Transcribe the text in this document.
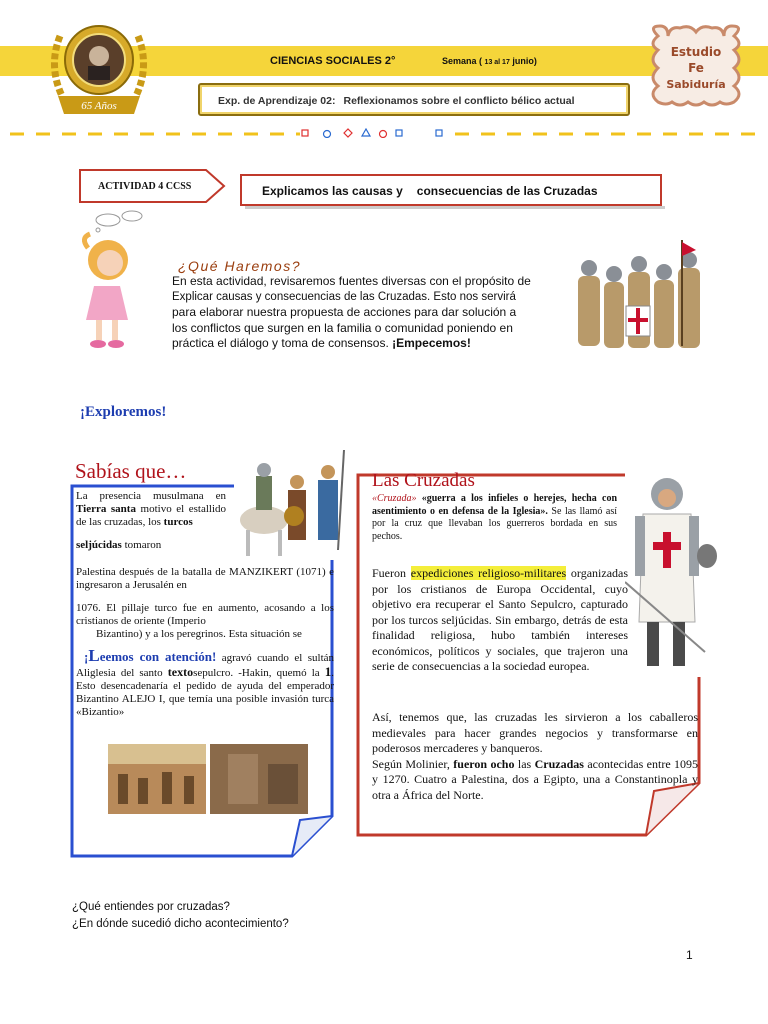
65 Años
CIENCIAS SOCIALES 2°	Semana ( 13 al 17 junio)
Exp. de Aprendizaje 02: Reflexionamos sobre el conflicto bélico actual
Estudio
Fe
Sabiduría
ACTIVIDAD 4 CCSS	Explicamos las causas y consecuencias de las Cruzadas
¿Qué Haremos?
En esta actividad, revisaremos fuentes diversas con el propósito de
Explicar causas y consecuencias de las Cruzadas. Esto nos servirá
para elaborar nuestra propuesta de acciones para dar solución a
los conflictos que surgen en la familia o comunidad poniendo en
práctica el diálogo y toma de consensos. ¡Empecemos!
¡Exploremos!
Sabías que…
La presencia musulmana en Tierra santa motivo el estallido de las cruzadas, los turcos
seljúcidas tomaron
Palestina después de la batalla de MANZIKERT (1071) e ingresaron a Jerusalén en
1076. El pillaje turco fue en aumento, acosando a los cristianos de oriente (Imperio
Bizantino) y a los peregrinos. Esta situación se
¡Leemos con atención! agravó cuando el sultán Aliglesia del santo textosepulcro. -Hakin, quemó la 1. Esto desencadenaría el pedido de ayuda del emperador Bizantino ALEJO I, que temía una posible invasión turca «Bizantio»
Las Cruzadas
«Cruzada» «guerra a los infieles o herejes, hecha con asentimiento o en defensa de la Iglesia». Se las llamó así por la cruz que llevaban los guerreros bordada en sus pechos.
Fueron expediciones religioso-militares organizadas por los cristianos de Europa Occidental, cuyo objetivo era recuperar el Santo Sepulcro, capturado por los turcos seljúcidas. Sin embargo, detrás de esta finalidad religiosa, hubo también intereses económicos, políticos y sociales, que trajeron una serie de consecuencias a la sociedad europea.
Así, tenemos que, las cruzadas les sirvieron a los caballeros medievales para hacer grandes negocios y transformarse en poderosos mercaderes y banqueros.
Según Molinier, fueron ocho las Cruzadas acontecidas entre 1095 y 1270. Cuatro a Palestina, dos a Egipto, una a Constantinopla y otra a África del Norte.
¿Qué entiendes por cruzadas?
¿En dónde sucedió dicho acontecimiento?
1
